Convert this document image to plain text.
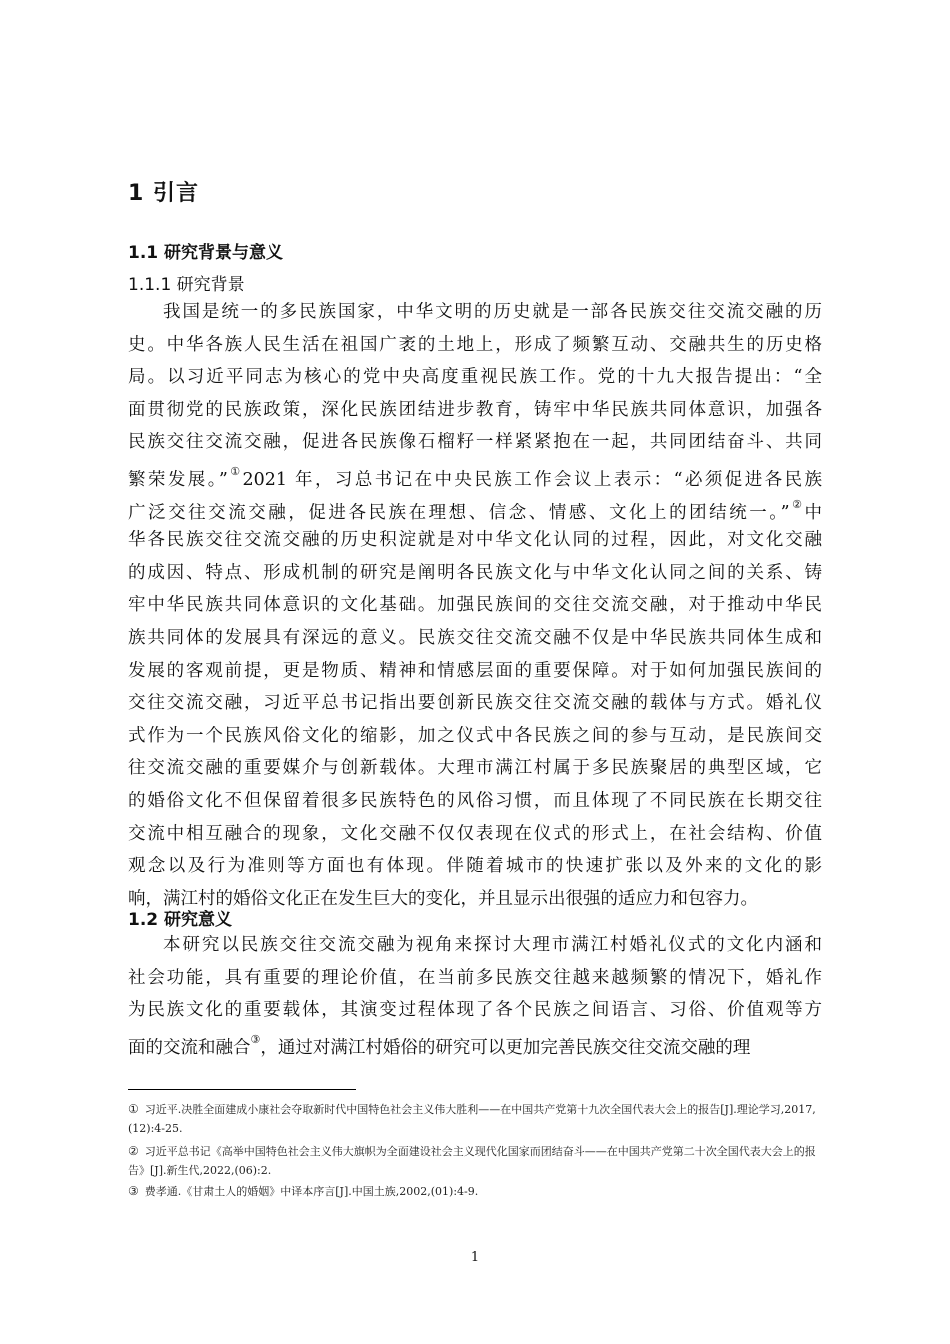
1 引言
1.1 研究背景与意义
1.1.1 研究背景
我国是统一的多民族国家，中华文明的历史就是一部各民族交往交流交融的历
史。中华各族人民生活在祖国广袤的土地上，形成了频繁互动、交融共生的历史格
局。以习近平同志为核心的党中央高度重视民族工作。党的十九大报告提出：“全
面贯彻党的民族政策，深化民族团结进步教育，铸牢中华民族共同体意识，加强各
民族交往交流交融，促进各民族像石榴籽一样紧紧抱在一起，共同团结奋斗、共同
繁荣发展。”①2021 年，习总书记在中央民族工作会议上表示：“必须促进各民族
广泛交往交流交融，促进各民族在理想、信念、情感、文化上的团结统一。”②中
华各民族交往交流交融的历史积淀就是对中华文化认同的过程，因此，对文化交融
的成因、特点、形成机制的研究是阐明各民族文化与中华文化认同之间的关系、铸
牢中华民族共同体意识的文化基础。加强民族间的交往交流交融，对于推动中华民
族共同体的发展具有深远的意义。民族交往交流交融不仅是中华民族共同体生成和
发展的客观前提，更是物质、精神和情感层面的重要保障。对于如何加强民族间的
交往交流交融，习近平总书记指出要创新民族交往交流交融的载体与方式。婚礼仪
式作为一个民族风俗文化的缩影，加之仪式中各民族之间的参与互动，是民族间交
往交流交融的重要媒介与创新载体。大理市满江村属于多民族聚居的典型区域，它
的婚俗文化不但保留着很多民族特色的风俗习惯，而且体现了不同民族在长期交往
交流中相互融合的现象，文化交融不仅仅表现在仪式的形式上，在社会结构、价值
观念以及行为准则等方面也有体现。伴随着城市的快速扩张以及外来的文化的影
响，满江村的婚俗文化正在发生巨大的变化，并且显示出很强的适应力和包容力。
1.2 研究意义
本研究以民族交往交流交融为视角来探讨大理市满江村婚礼仪式的文化内涵和
社会功能，具有重要的理论价值，在当前多民族交往越来越频繁的情况下，婚礼作
为民族文化的重要载体，其演变过程体现了各个民族之间语言、习俗、价值观等方
面的交流和融合③，通过对满江村婚俗的研究可以更加完善民族交往交流交融的理
① 习近平.决胜全面建成小康社会夺取新时代中国特色社会主义伟大胜利——在中国共产党第十九次全国代表大会上的报告[J].理论学习,2017,(12):4-25.
② 习近平总书记《高举中国特色社会主义伟大旗帜为全面建设社会主义现代化国家而团结奋斗——在中国共产党第二十次全国代表大会上的报告》[J].新生代,2022,(06):2.
③ 费孝通.《甘肃土人的婚姻》中译本序言[J].中国土族,2002,(01):4-9.
1
